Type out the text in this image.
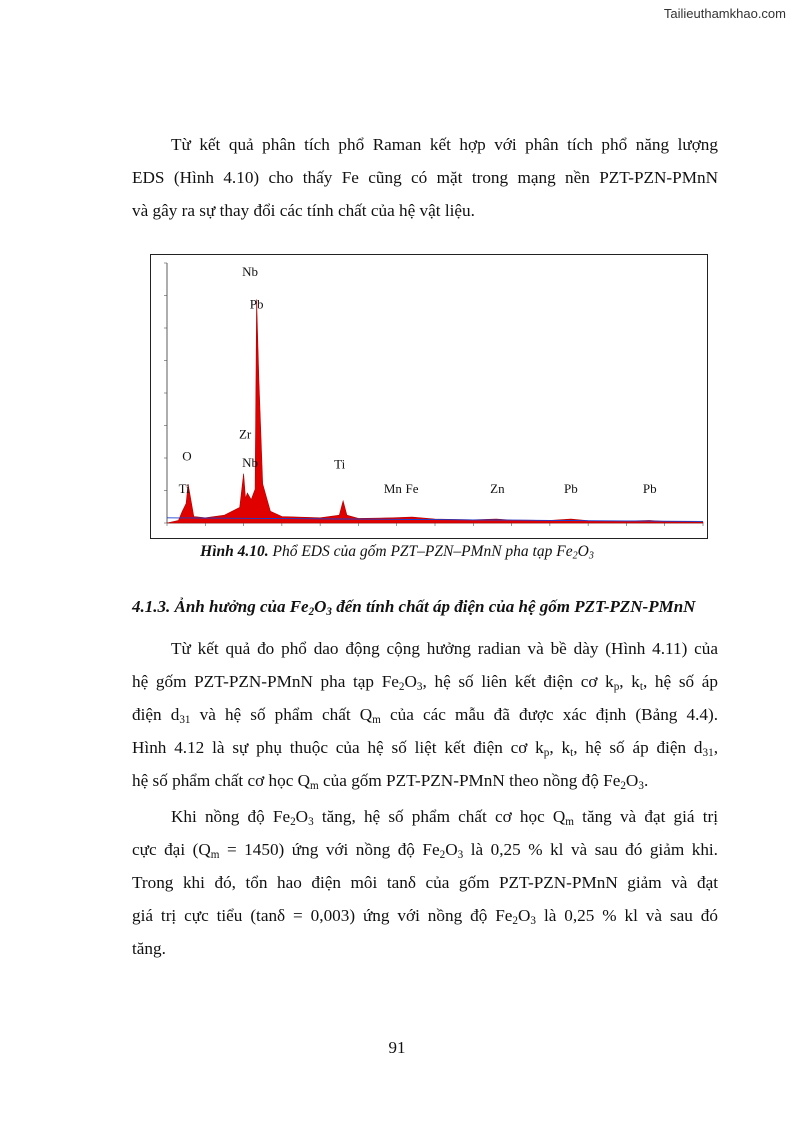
Tailieuthamkhao.com
Từ kết quả phân tích phổ Raman kết hợp với phân tích phổ năng lượng
EDS (Hình 4.10) cho thấy Fe cũng có mặt trong mạng nền PZT-PZN-PMnN
và gây ra sự thay đổi các tính chất của hệ vật liệu.
Nb
Pb
Zr
Nb
O
Ti
Ti
Mn Fe	Zn	Pb	Pb
Hình 4.10. Phổ EDS của gốm PZT–PZN–PMnN pha tạp $Fe_2O_3$
4.1.3. Ảnh hưởng của $Fe_2O_3$ đến tính chất áp điện của hệ gốm PZT-PZN-PMnN
Từ kết quả đo phổ dao động cộng hưởng radian và bề dày (Hình 4.11) của
hệ gốm PZT-PZN-PMnN pha tạp $Fe_2O_3$, hệ số liên kết điện cơ $k_p$, $k_t$, hệ số áp
điện $d_{31}$ và hệ số phẩm chất $Q_m$ của các mẫu đã được xác định (Bảng 4.4).
Hình 4.12 là sự phụ thuộc của hệ số liệt kết điện cơ $k_p$, $k_t$, hệ số áp điện $d_{31}$,
hệ số phẩm chất cơ học $Q_m$ của gốm PZT-PZN-PMnN theo nồng độ $Fe_2O_3$.
Khi nồng độ $Fe_2O_3$ tăng, hệ số phẩm chất cơ học $Q_m$ tăng và đạt giá trị
cực đại $(Q_m = 1450)$ ứng với nồng độ $Fe_2O_3$ là 0,25 % kl và sau đó giảm khi.
Trong khi đó, tổn hao điện môi tanδ của gốm PZT-PZN-PMnN giảm và đạt
giá trị cực tiểu (tanδ = 0,003) ứng với nồng độ $Fe_2O_3$ là 0,25 % kl và sau đó
tăng.
91
